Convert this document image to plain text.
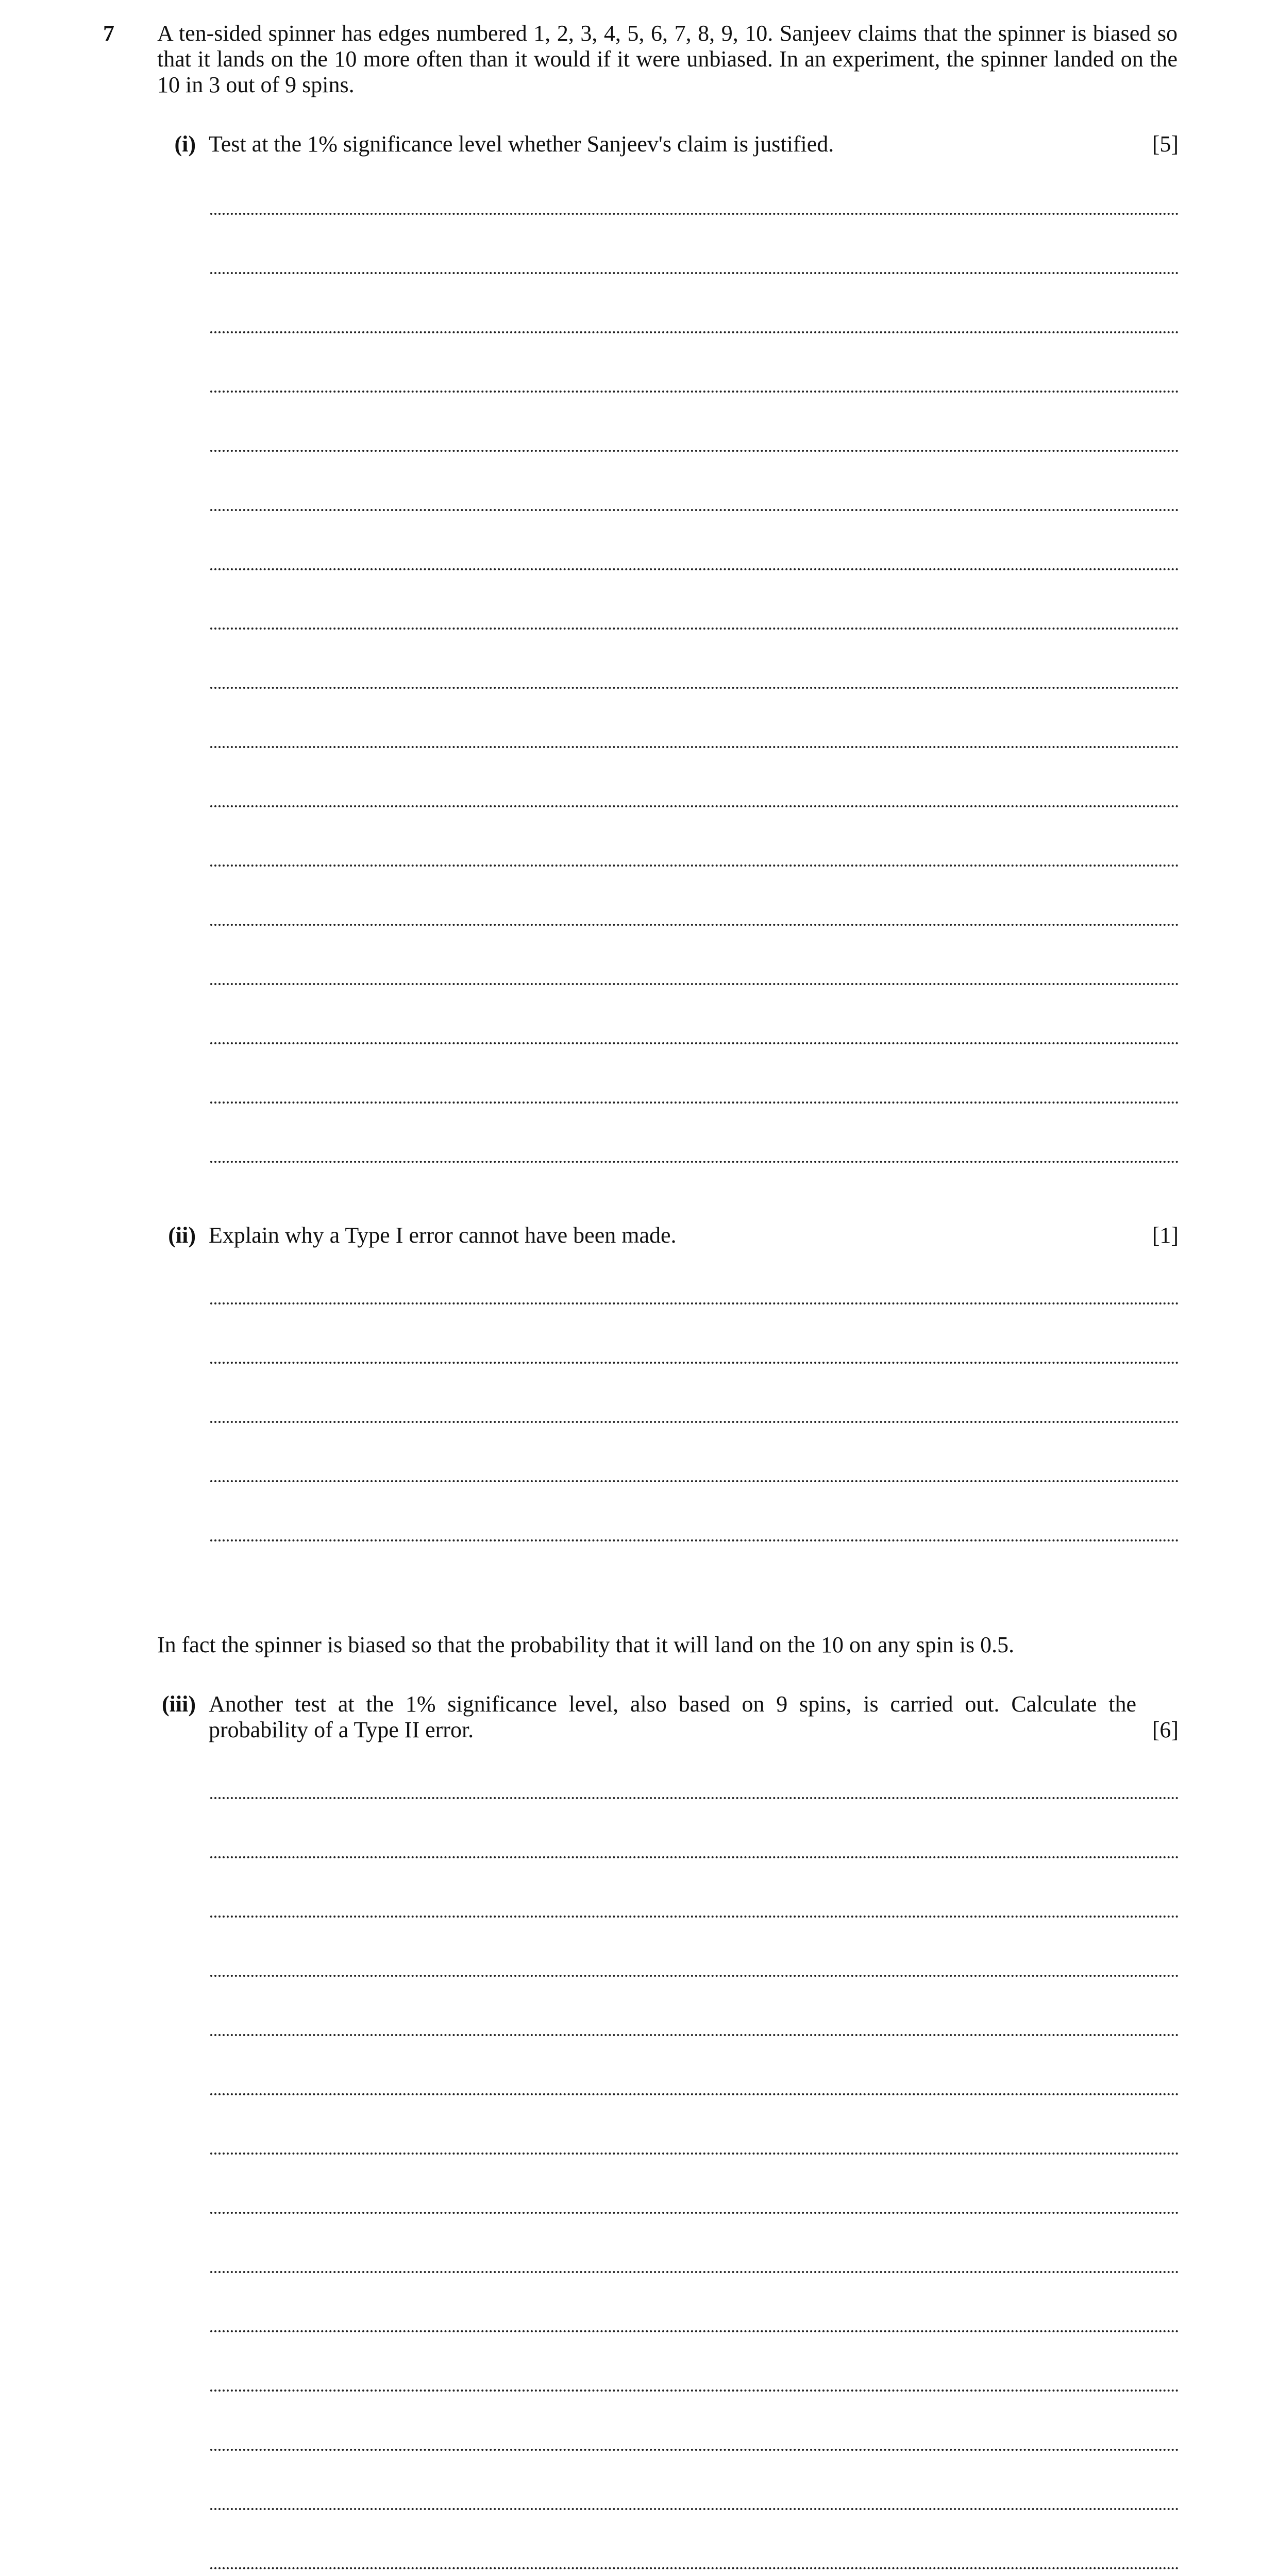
7 A ten-sided spinner has edges numbered 1, 2, 3, 4, 5, 6, 7, 8, 9, 10. Sanjeev claims that the spinner is biased so that it lands on the 10 more often than it would if it were unbiased. In an experiment, the spinner landed on the 10 in 3 out of 9 spins.
(i) Test at the 1% significance level whether Sanjeev's claim is justified.	[5]
(ii) Explain why a Type I error cannot have been made.	[1]
In fact the spinner is biased so that the probability that it will land on the 10 on any spin is 0.5.
(iii) Another test at the 1% significance level, also based on 9 spins, is carried out. Calculate the probability of a Type II error.	[6]
